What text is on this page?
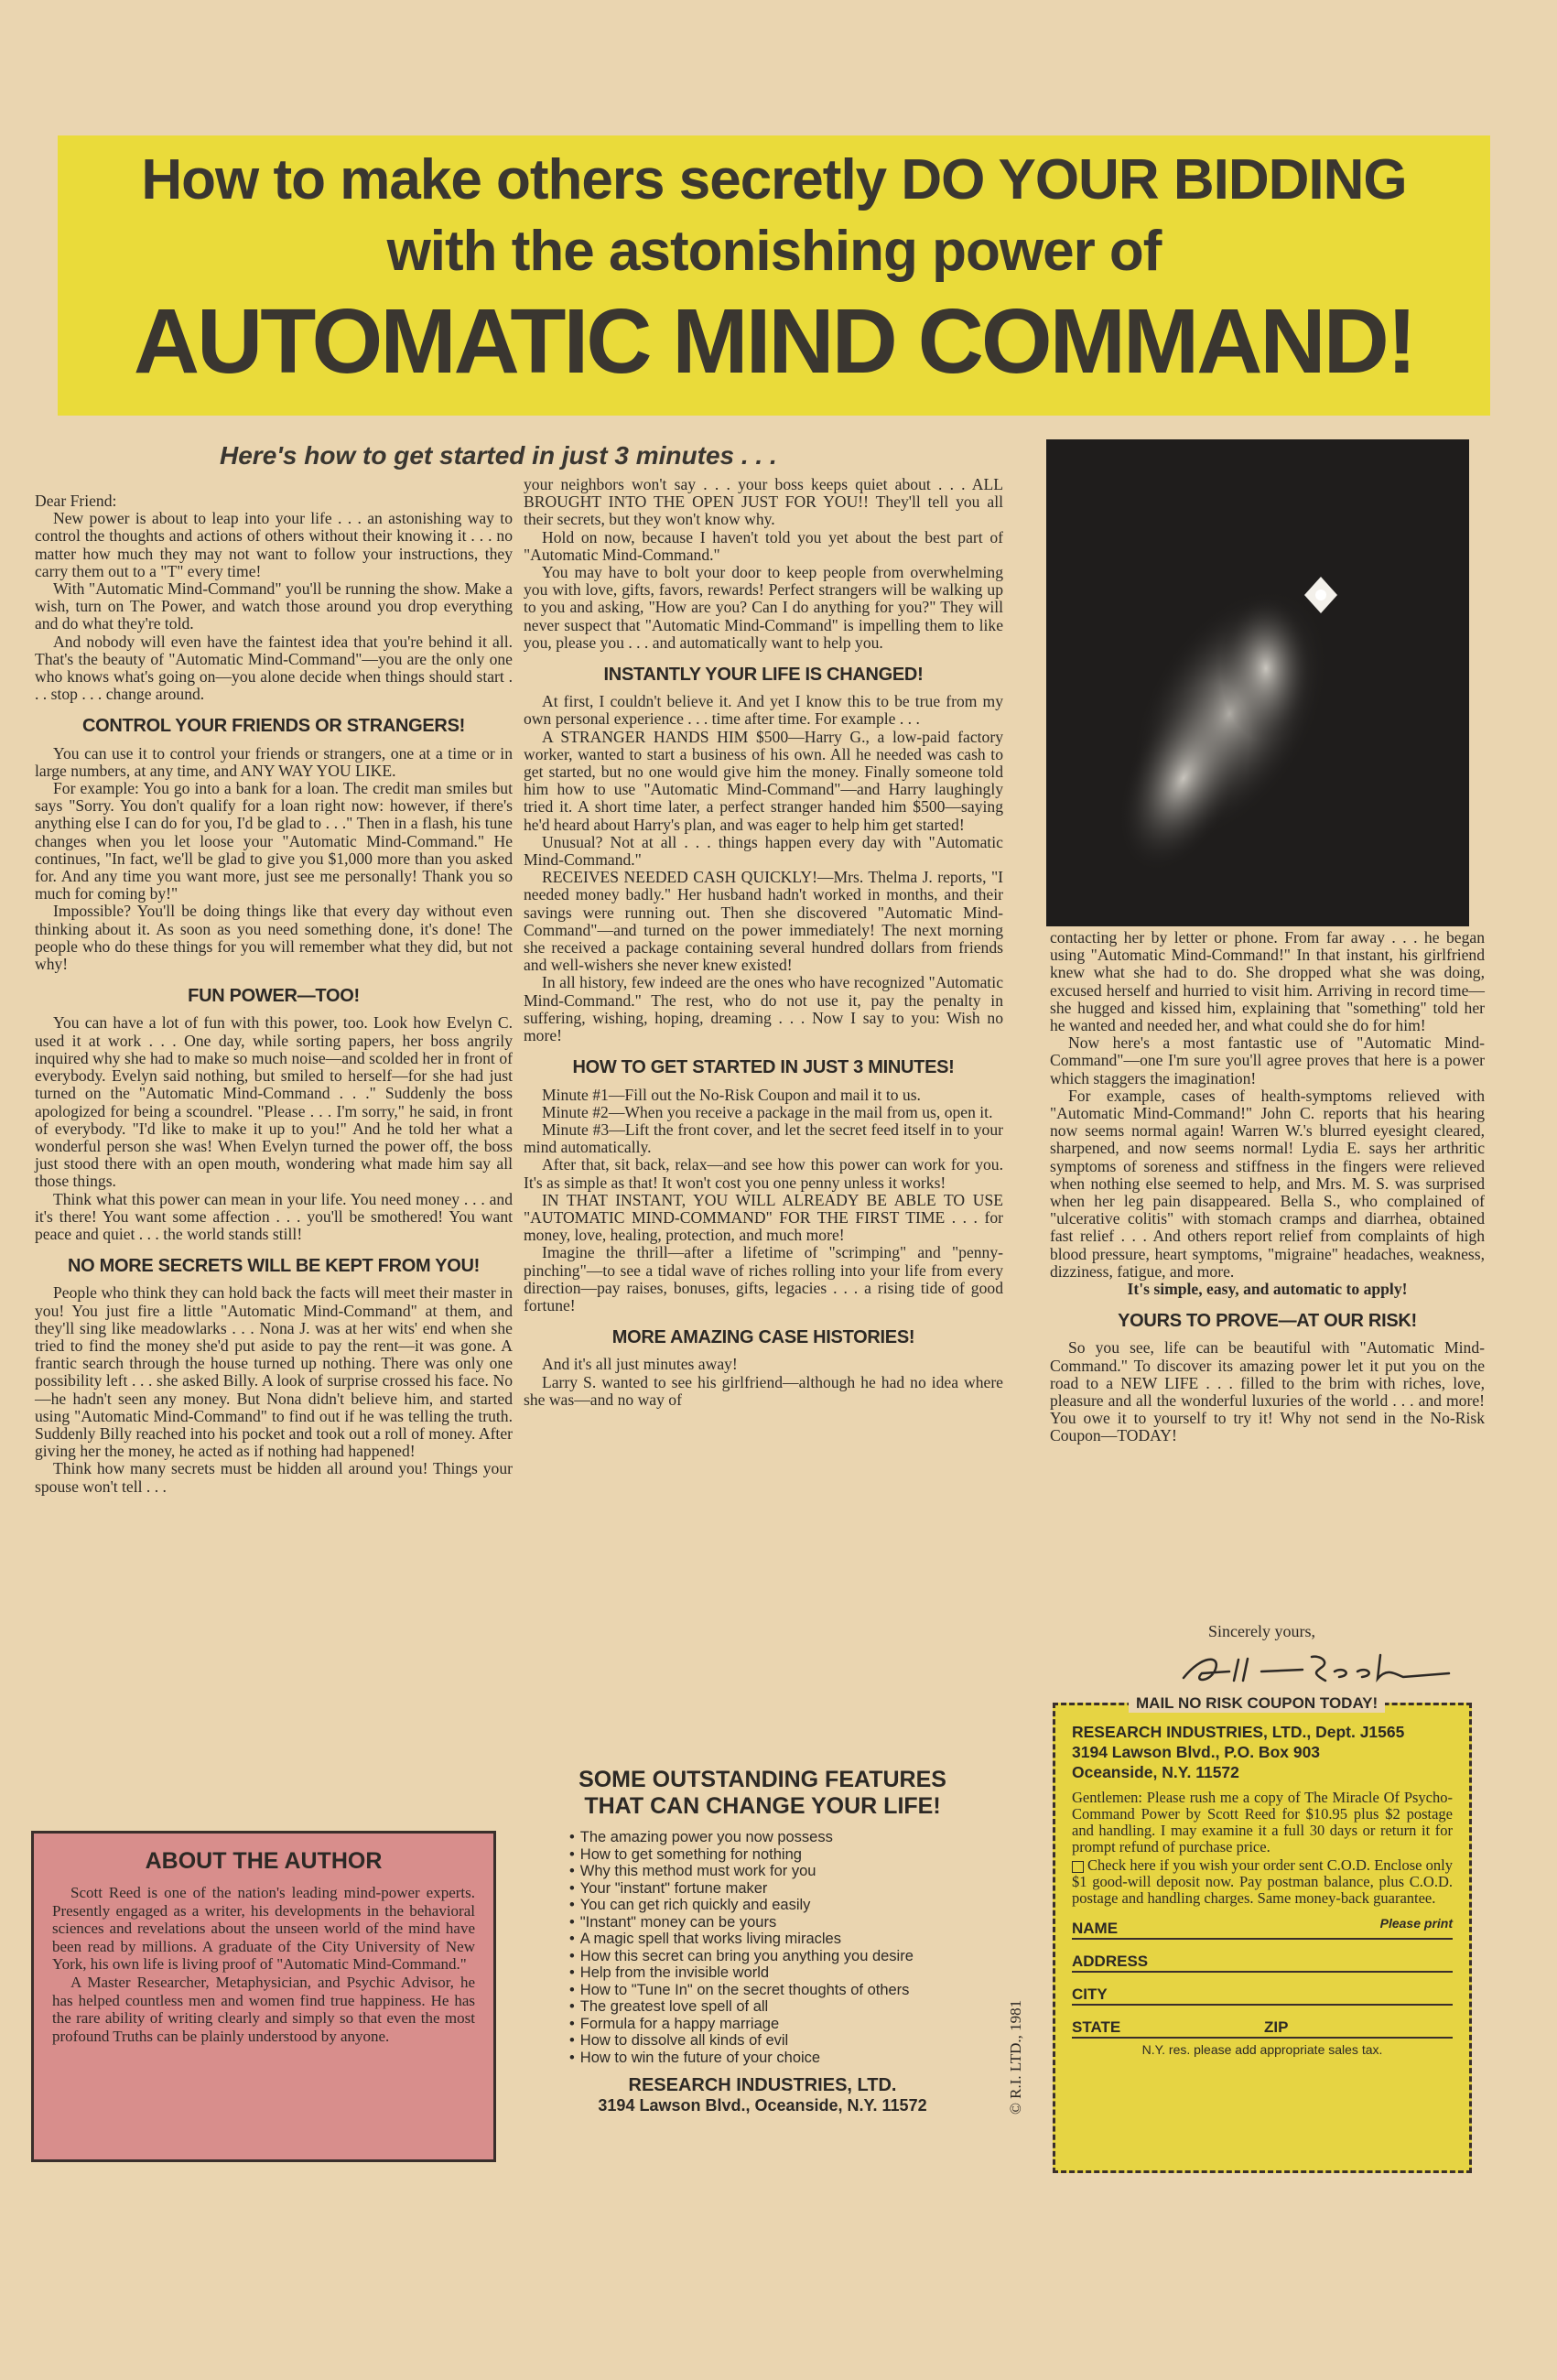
How to make others secretly DO YOUR BIDDING
with the astonishing power of
AUTOMATIC MIND COMMAND!
Here's how to get started in just 3 minutes . . .

Dear Friend:

New power is about to leap into your life . . . an astonishing way to control the thoughts and actions of others without their knowing it . . . no matter how much they may not want to follow your instructions, they carry them out to a "T" every time!

With "Automatic Mind-Command" you'll be running the show. Make a wish, turn on The Power, and watch those around you drop everything and do what they're told.

And nobody will even have the faintest idea that you're behind it all. That's the beauty of "Automatic Mind-Command"—you are the only one who knows what's going on—you alone decide when things should start . . . stop . . . change around.

CONTROL YOUR FRIENDS OR STRANGERS!

You can use it to control your friends or strangers, one at a time or in large numbers, at any time, and ANY WAY YOU LIKE.

For example: You go into a bank for a loan. The credit man smiles but says "Sorry. You don't qualify for a loan right now: however, if there's anything else I can do for you, I'd be glad to . . ." Then in a flash, his tune changes when you let loose your "Automatic Mind-Command." He continues, "In fact, we'll be glad to give you $1,000 more than you asked for. And any time you want more, just see me personally! Thank you so much for coming by!"

Impossible? You'll be doing things like that every day without even thinking about it. As soon as you need something done, it's done! The people who do these things for you will remember what they did, but not why!

FUN POWER—TOO!

You can have a lot of fun with this power, too. Look how Evelyn C. used it at work . . . One day, while sorting papers, her boss angrily inquired why she had to make so much noise—and scolded her in front of everybody. Evelyn said nothing, but smiled to herself—for she had just turned on the "Automatic Mind-Command . . ." Suddenly the boss apologized for being a scoundrel. "Please . . . I'm sorry," he said, in front of everybody. "I'd like to make it up to you!" And he told her what a wonderful person she was! When Evelyn turned the power off, the boss just stood there with an open mouth, wondering what made him say all those things.

Think what this power can mean in your life. You need money . . . and it's there! You want some affection . . . you'll be smothered! You want peace and quiet . . . the world stands still!

NO MORE SECRETS WILL BE KEPT FROM YOU!

People who think they can hold back the facts will meet their master in you! You just fire a little "Automatic Mind-Command" at them, and they'll sing like meadowlarks . . . Nona J. was at her wits' end when she tried to find the money she'd put aside to pay the rent—it was gone. A frantic search through the house turned up nothing. There was only one possibility left . . . she asked Billy. A look of surprise crossed his face. No—he hadn't seen any money. But Nona didn't believe him, and started using "Automatic Mind-Command" to find out if he was telling the truth. Suddenly Billy reached into his pocket and took out a roll of money. After giving her the money, he acted as if nothing had happened!

Think how many secrets must be hidden all around you! Things your spouse won't tell . . .

your neighbors won't say . . . your boss keeps quiet about . . . ALL BROUGHT INTO THE OPEN JUST FOR YOU!! They'll tell you all their secrets, but they won't know why.

Hold on now, because I haven't told you yet about the best part of "Automatic Mind-Command."

You may have to bolt your door to keep people from overwhelming you with love, gifts, favors, rewards! Perfect strangers will be walking up to you and asking, "How are you? Can I do anything for you?" They will never suspect that "Automatic Mind-Command" is impelling them to like you, please you . . . and automatically want to help you.

INSTANTLY YOUR LIFE IS CHANGED!

At first, I couldn't believe it. And yet I know this to be true from my own personal experience . . . time after time. For example . . .

A STRANGER HANDS HIM $500—Harry G., a low-paid factory worker, wanted to start a business of his own. All he needed was cash to get started, but no one would give him the money. Finally someone told him how to use "Automatic Mind-Command"—and Harry laughingly tried it. A short time later, a perfect stranger handed him $500—saying he'd heard about Harry's plan, and was eager to help him get started!

Unusual? Not at all . . . things happen every day with "Automatic Mind-Command."

RECEIVES NEEDED CASH QUICKLY!—Mrs. Thelma J. reports, "I needed money badly." Her husband hadn't worked in months, and their savings were running out. Then she discovered "Automatic Mind-Command"—and turned on the power immediately! The next morning she received a package containing several hundred dollars from friends and well-wishers she never knew existed!

In all history, few indeed are the ones who have recognized "Automatic Mind-Command." The rest, who do not use it, pay the penalty in suffering, wishing, hoping, dreaming . . . Now I say to you: Wish no more!

HOW TO GET STARTED IN JUST 3 MINUTES!

Minute #1—Fill out the No-Risk Coupon and mail it to us.

Minute #2—When you receive a package in the mail from us, open it.

Minute #3—Lift the front cover, and let the secret feed itself in to your mind automatically.

After that, sit back, relax—and see how this power can work for you. It's as simple as that! It won't cost you one penny unless it works!

IN THAT INSTANT, YOU WILL ALREADY BE ABLE TO USE "AUTOMATIC MIND-COMMAND" FOR THE FIRST TIME . . . for money, love, healing, protection, and much more!

Imagine the thrill—after a lifetime of "scrimping" and "penny-pinching"—to see a tidal wave of riches rolling into your life from every direction—pay raises, bonuses, gifts, legacies . . . a rising tide of good fortune!

MORE AMAZING CASE HISTORIES!

And it's all just minutes away!

Larry S. wanted to see his girlfriend—although he had no idea where she was—and no way of

contacting her by letter or phone. From far away . . . he began using "Automatic Mind-Command!" In that instant, his girlfriend knew what she had to do. She dropped what she was doing, excused herself and hurried to visit him. Arriving in record time—she hugged and kissed him, explaining that "something" told her he wanted and needed her, and what could she do for him!

Now here's a most fantastic use of "Automatic Mind-Command"—one I'm sure you'll agree proves that here is a power which staggers the imagination!

For example, cases of health-symptoms relieved with "Automatic Mind-Command!" John C. reports that his hearing now seems normal again! Warren W.'s blurred eyesight cleared, sharpened, and now seems normal! Lydia E. says her arthritic symptoms of soreness and stiffness in the fingers were relieved when nothing else seemed to help, and Mrs. M. S. was surprised when her leg pain disappeared. Bella S., who complained of "ulcerative colitis" with stomach cramps and diarrhea, obtained fast relief . . . And others report relief from complaints of high blood pressure, heart symptoms, "migraine" headaches, weakness, dizziness, fatigue, and more.

It's simple, easy, and automatic to apply!

YOURS TO PROVE—AT OUR RISK!

So you see, life can be beautiful with "Automatic Mind-Command." To discover its amazing power let it put you on the road to a NEW LIFE . . . filled to the brim with riches, love, pleasure and all the wonderful luxuries of the world . . . and more! You owe it to yourself to try it! Why not send in the No-Risk Coupon—TODAY!

Sincerely yours,
ABOUT THE AUTHOR

Scott Reed is one of the nation's leading mind-power experts. Presently engaged as a writer, his developments in the behavioral sciences and revelations about the unseen world of the mind have been read by millions. A graduate of the City University of New York, his own life is living proof of "Automatic Mind-Command."

A Master Researcher, Metaphysician, and Psychic Advisor, he has helped countless men and women find true happiness. He has the rare ability of writing clearly and simply so that even the most profound Truths can be plainly understood by anyone.

SOME OUTSTANDING FEATURES
THAT CAN CHANGE YOUR LIFE!
• The amazing power you now possess
• How to get something for nothing
• Why this method must work for you
• Your "instant" fortune maker
• You can get rich quickly and easily
• "Instant" money can be yours
• A magic spell that works living miracles
• How this secret can bring you anything you desire
• Help from the invisible world
• How to "Tune In" on the secret thoughts of others
• The greatest love spell of all
• Formula for a happy marriage
• How to dissolve all kinds of evil
• How to win the future of your choice
RESEARCH INDUSTRIES, LTD.
3194 Lawson Blvd., Oceanside, N.Y. 11572	© R.I. LTD., 1981
MAIL NO RISK COUPON TODAY!
RESEARCH INDUSTRIES, LTD., Dept. J1565
3194 Lawson Blvd., P.O. Box 903
Oceanside, N.Y. 11572
Gentlemen: Please rush me a copy of The Miracle Of Psycho-Command Power by Scott Reed for $10.95 plus $2 postage and handling. I may examine it a full 30 days or return it for prompt refund of purchase price.
Check here if you wish your order sent C.O.D. Enclose only $1 good-will deposit now. Pay postman balance, plus C.O.D. postage and handling charges. Same money-back guarantee.
NAME	Please print
ADDRESS
CITY
STATE	ZIP
N.Y. res. please add appropriate sales tax.
